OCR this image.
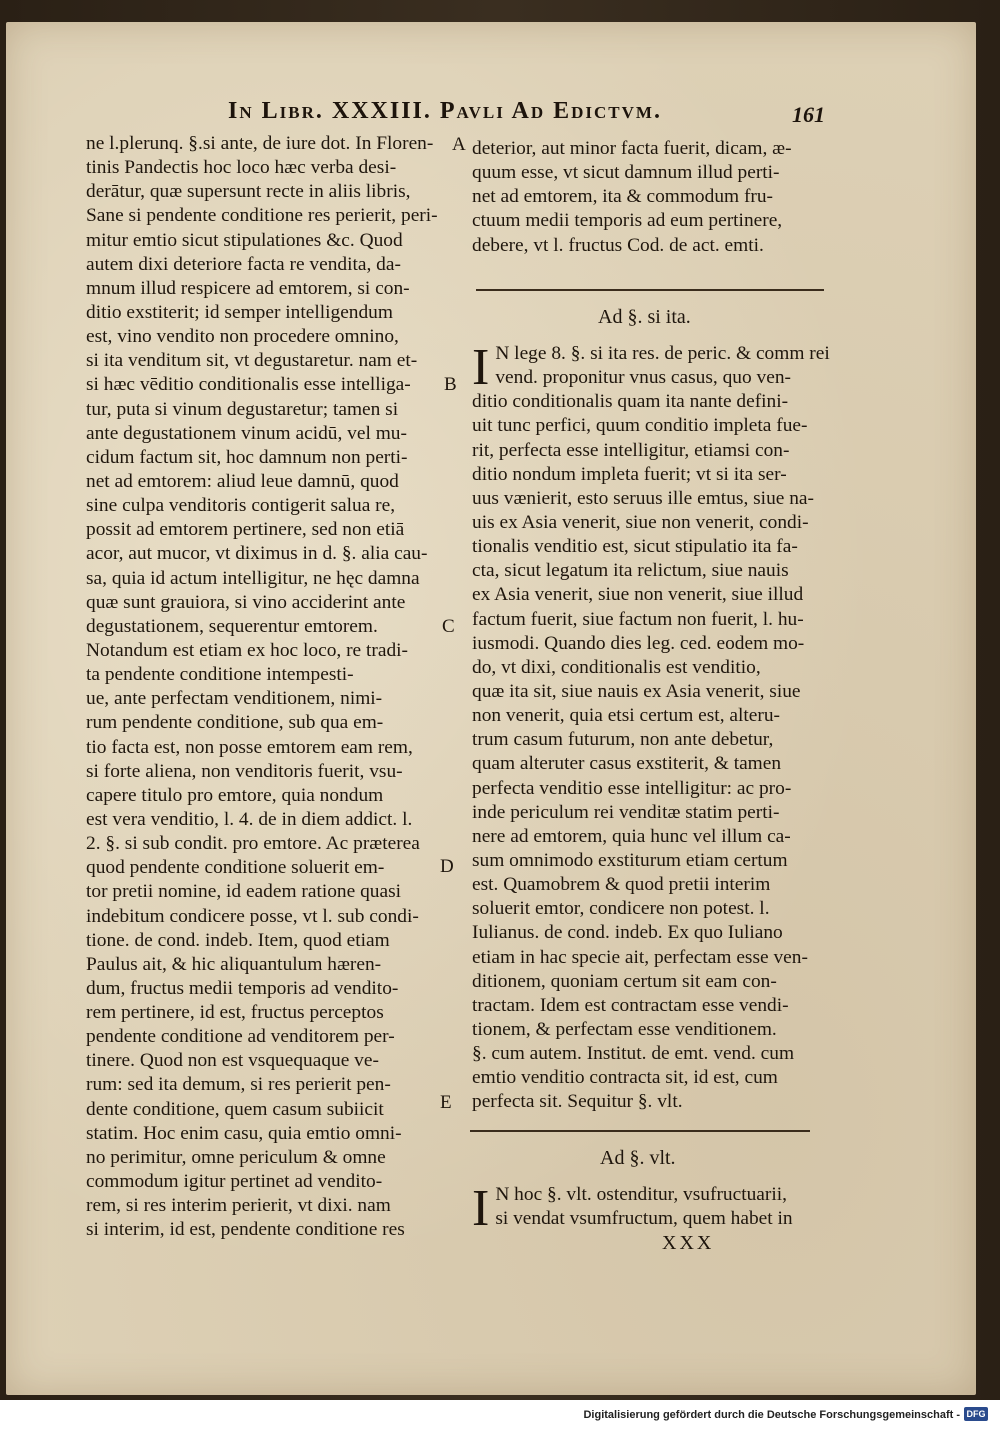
In Libr. XXXIII. Pavli Ad Edictvm.	161
ne l.plerunq. §.si ante, de iure dot. In Floren-
tinis Pandectis hoc loco hæc verba desi-
derātur, quæ supersunt recte in aliis libris,
Sane si pendente conditione res perierit, peri-
mitur emtio sicut stipulationes &c. Quod
autem dixi deteriore facta re vendita, da-
mnum illud respicere ad emtorem, si con-
ditio exstiterit; id semper intelligendum
est, vino vendito non procedere omnino,
si ita venditum sit, vt degustaretur. nam et-
si hæc vēditio conditionalis esse intelliga-
tur, puta si vinum degustaretur; tamen si
ante degustationem vinum acidū, vel mu-
cidum factum sit, hoc damnum non perti-
net ad emtorem: aliud leue damnū, quod
sine culpa venditoris contigerit salua re,
possit ad emtorem pertinere, sed non etiā
acor, aut mucor, vt diximus in d. §. alia cau-
sa, quia id actum intelligitur, ne hęc damna
quæ sunt grauiora, si vino acciderint ante
degustationem, sequerentur emtorem.
Notandum est etiam ex hoc loco, re tradi-
ta pendente conditione intempesti-
ue, ante perfectam venditionem, nimi-
rum pendente conditione, sub qua em-
tio facta est, non posse emtorem eam rem,
si forte aliena, non venditoris fuerit, vsu-
capere titulo pro emtore, quia nondum
est vera venditio, l. 4. de in diem addict. l.
2. §. si sub condit. pro emtore. Ac præterea
quod pendente conditione soluerit em-
tor pretii nomine, id eadem ratione quasi
indebitum condicere posse, vt l. sub condi-
tione. de cond. indeb. Item, quod etiam
Paulus ait, & hic aliquantulum hæren-
dum, fructus medii temporis ad vendito-
rem pertinere, id est, fructus perceptos
pendente conditione ad venditorem per-
tinere. Quod non est vsquequaque ve-
rum: sed ita demum, si res perierit pen-
dente conditione, quem casum subiicit
statim. Hoc enim casu, quia emtio omni-
no perimitur, omne periculum & omne
commodum igitur pertinet ad vendito-
rem, si res interim perierit, vt dixi. nam
si interim, id est, pendente conditione res
deterior, aut minor facta fuerit, dicam, æ-
quum esse, vt sicut damnum illud perti-
net ad emtorem, ita & commodum fru-
ctuum medii temporis ad eum pertinere,
debere, vt l. fructus Cod. de act. emti.
Ad §. si ita.
I N lege 8. §. si ita res. de peric. & comm rei
vend. proponitur vnus casus, quo ven-
ditio conditionalis quam ita nante defini-
uit tunc perfici, quum conditio impleta fue-
rit, perfecta esse intelligitur, etiamsi con-
ditio nondum impleta fuerit; vt si ita ser-
uus vænierit, esto seruus ille emtus, siue na-
uis ex Asia venerit, siue non venerit, condi-
tionalis venditio est, sicut stipulatio ita fa-
cta, sicut legatum ita relictum, siue nauis
ex Asia venerit, siue non venerit, siue illud
factum fuerit, siue factum non fuerit, l. hu-
iusmodi. Quando dies leg. ced. eodem mo-
do, vt dixi, conditionalis est venditio,
quæ ita sit, siue nauis ex Asia venerit, siue
non venerit, quia etsi certum est, alteru-
trum casum futurum, non ante debetur,
quam alteruter casus exstiterit, & tamen
perfecta venditio esse intelligitur: ac pro-
inde periculum rei venditæ statim perti-
nere ad emtorem, quia hunc vel illum ca-
sum omnimodo exstiturum etiam certum
est. Quamobrem & quod pretii interim
soluerit emtor, condicere non potest. l.
Iulianus. de cond. indeb. Ex quo Iuliano
etiam in hac specie ait, perfectam esse ven-
ditionem, quoniam certum sit eam con-
tractam. Idem est contractam esse vendi-
tionem, & perfectam esse venditionem.
§. cum autem. Institut. de emt. vend. cum
emtio venditio contracta sit, id est, cum
perfecta sit. Sequitur §. vlt.
Ad §. vlt.
I N hoc §. vlt. ostenditur, vsufructuarii,
si vendat vsumfructum, quem habet in
XXX
A
B
C
D
E
Digitalisierung gefördert durch die Deutsche Forschungsgemeinschaft - DFG
